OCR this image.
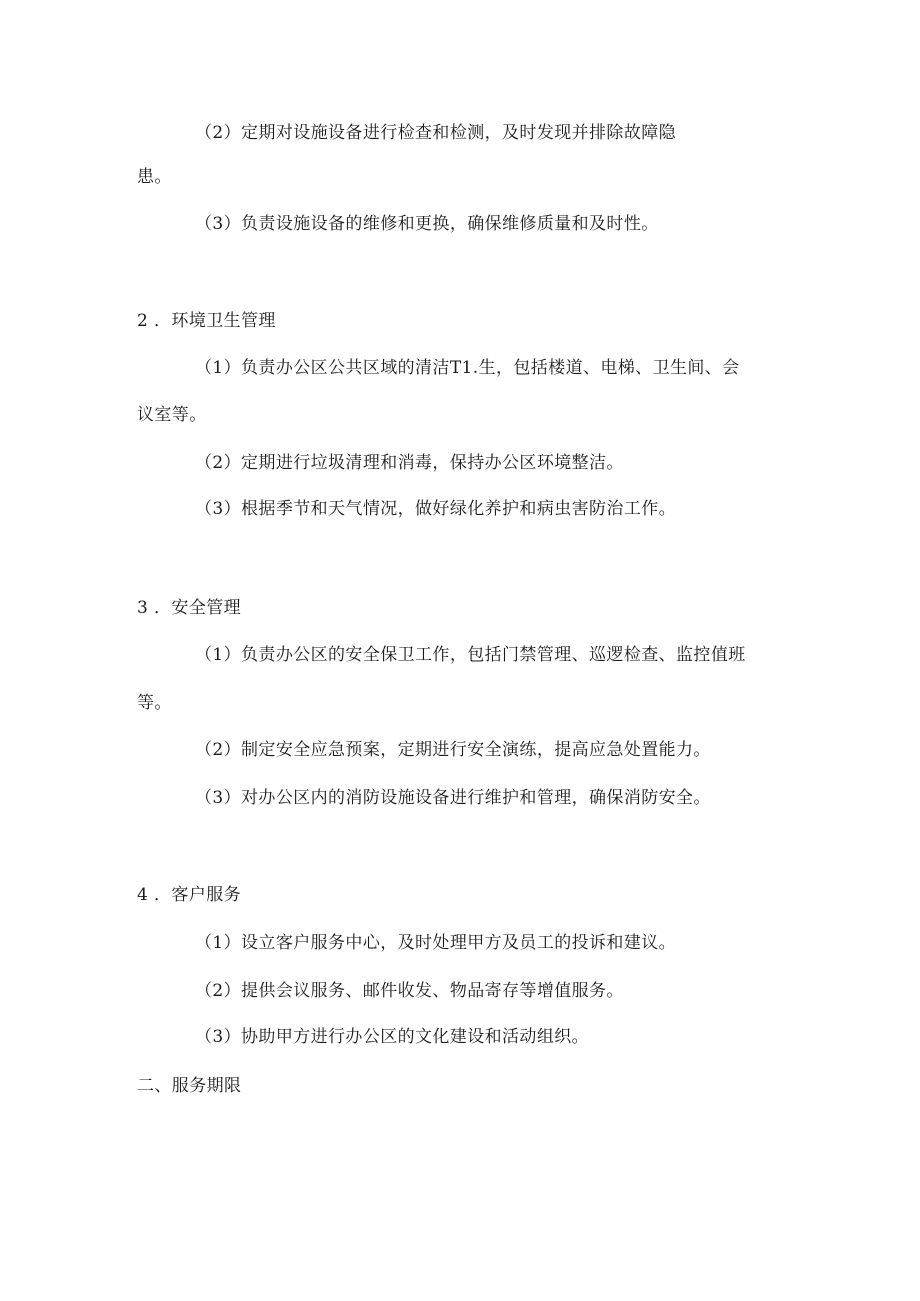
（2）定期对设施设备进行检查和检测，及时发现并排除故障隐
患。
（3）负责设施设备的维修和更换，确保维修质量和及时性。
2 ．环境卫生管理
（1）负责办公区公共区域的清洁T1.生，包括楼道、电梯、卫生间、会
议室等。
（2）定期进行垃圾清理和消毒，保持办公区环境整洁。
（3）根据季节和天气情况，做好绿化养护和病虫害防治工作。
3 ．安全管理
（1）负责办公区的安全保卫工作，包括门禁管理、巡逻检查、监控值班
等。
（2）制定安全应急预案，定期进行安全演练，提高应急处置能力。
（3）对办公区内的消防设施设备进行维护和管理，确保消防安全。
4 ．客户服务
（1）设立客户服务中心，及时处理甲方及员工的投诉和建议。
（2）提供会议服务、邮件收发、物品寄存等增值服务。
（3）协助甲方进行办公区的文化建设和活动组织。
二、服务期限
